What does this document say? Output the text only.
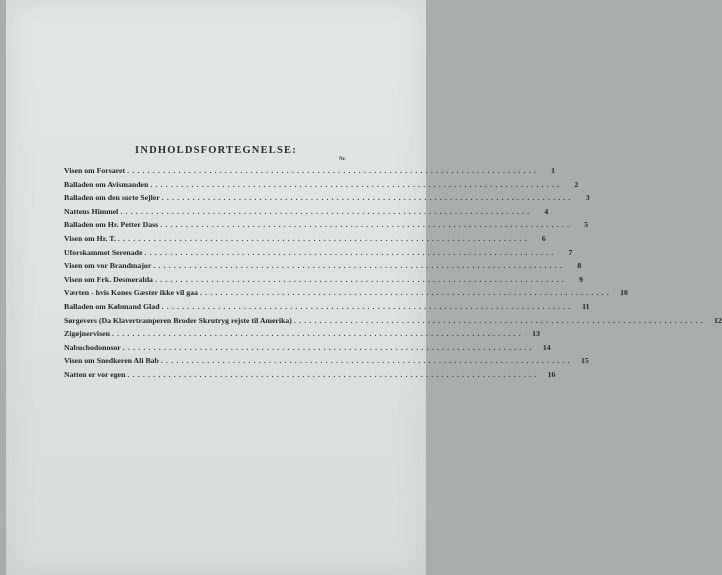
INDHOLDSFORTEGNELSE:
Nr.
Visen om Forsaret ................................................................................	1
Balladen om Avismanden ................................................................................	2
Balladen om den sorte Sejler ................................................................................	3
Nattens Himmel ................................................................................	4
Balladen om Hr. Petter Dass ................................................................................	5
Visen om Hr. T. ................................................................................	6
Uforskammet Serenade ................................................................................	7
Visen om vor Brandmajor ................................................................................	8
Visen om Frk. Desmeralda ................................................................................	9
Værten - hvis Kones Gæster ikke vil gaa ................................................................................	10
Balladen om Købmand Glad ................................................................................	11
Sørgevers (Da Klavertramperen Broder Skrutryg rejste til Amerika) ................................................................................	12
Zigøjnervisen ................................................................................	13
Nabuchodonosor ................................................................................	14
Visen om Snedkeren Ali Bab ................................................................................	15
Natten er vor egen ................................................................................	16
